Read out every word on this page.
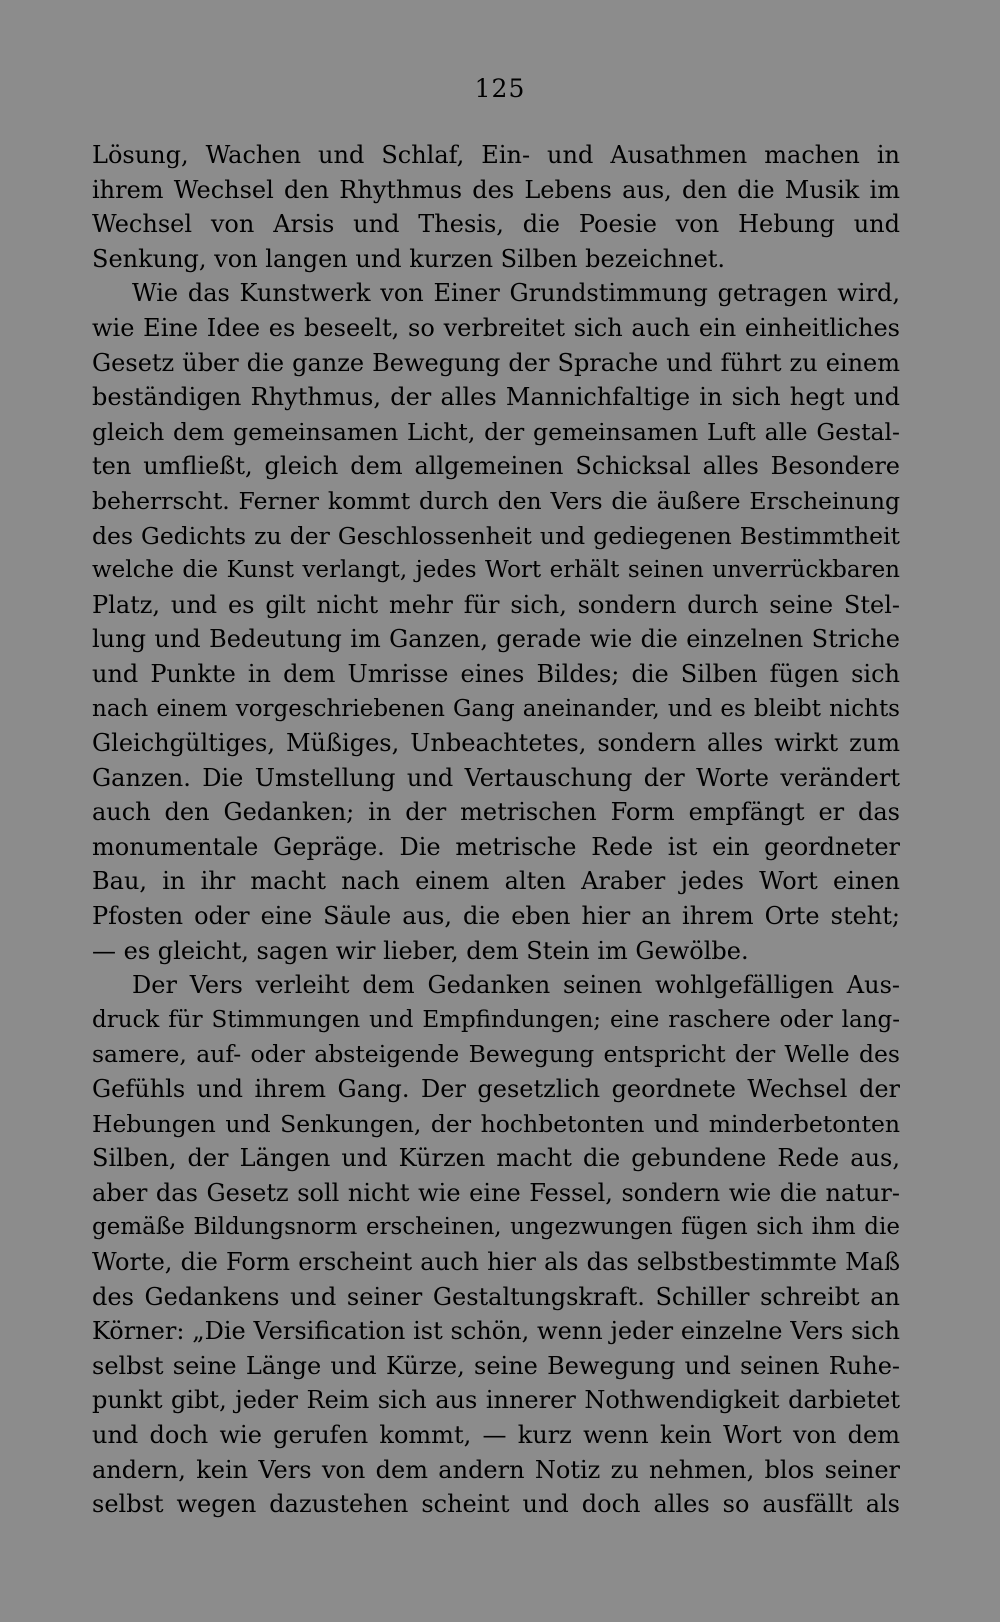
125
Lösung, Wachen und Schlaf, Ein- und Ausathmen machen in
ihrem Wechsel den Rhythmus des Lebens aus, den die Musik im
Wechsel von Arsis und Thesis, die Poesie von Hebung und
Senkung, von langen und kurzen Silben bezeichnet.
Wie das Kunstwerk von Einer Grundstimmung getragen wird,
wie Eine Idee es beseelt, so verbreitet sich auch ein einheitliches
Gesetz über die ganze Bewegung der Sprache und führt zu einem
beständigen Rhythmus, der alles Mannichfaltige in sich hegt und
gleich dem gemeinsamen Licht, der gemeinsamen Luft alle Gestal-
ten umfließt, gleich dem allgemeinen Schicksal alles Besondere
beherrscht. Ferner kommt durch den Vers die äußere Erscheinung
des Gedichts zu der Geschlossenheit und gediegenen Bestimmtheit
welche die Kunst verlangt, jedes Wort erhält seinen unverrückbaren
Platz, und es gilt nicht mehr für sich, sondern durch seine Stel-
lung und Bedeutung im Ganzen, gerade wie die einzelnen Striche
und Punkte in dem Umrisse eines Bildes; die Silben fügen sich
nach einem vorgeschriebenen Gang aneinander, und es bleibt nichts
Gleichgültiges, Müßiges, Unbeachtetes, sondern alles wirkt zum
Ganzen. Die Umstellung und Vertauschung der Worte verändert
auch den Gedanken; in der metrischen Form empfängt er das
monumentale Gepräge. Die metrische Rede ist ein geordneter
Bau, in ihr macht nach einem alten Araber jedes Wort einen
Pfosten oder eine Säule aus, die eben hier an ihrem Orte steht;
— es gleicht, sagen wir lieber, dem Stein im Gewölbe.
Der Vers verleiht dem Gedanken seinen wohlgefälligen Aus-
druck für Stimmungen und Empfindungen; eine raschere oder lang-
samere, auf- oder absteigende Bewegung entspricht der Welle des
Gefühls und ihrem Gang. Der gesetzlich geordnete Wechsel der
Hebungen und Senkungen, der hochbetonten und minderbetonten
Silben, der Längen und Kürzen macht die gebundene Rede aus,
aber das Gesetz soll nicht wie eine Fessel, sondern wie die natur-
gemäße Bildungsnorm erscheinen, ungezwungen fügen sich ihm die
Worte, die Form erscheint auch hier als das selbstbestimmte Maß
des Gedankens und seiner Gestaltungskraft. Schiller schreibt an
Körner: „Die Versification ist schön, wenn jeder einzelne Vers sich
selbst seine Länge und Kürze, seine Bewegung und seinen Ruhe-
punkt gibt, jeder Reim sich aus innerer Nothwendigkeit darbietet
und doch wie gerufen kommt, — kurz wenn kein Wort von dem
andern, kein Vers von dem andern Notiz zu nehmen, blos seiner
selbst wegen dazustehen scheint und doch alles so ausfällt als
